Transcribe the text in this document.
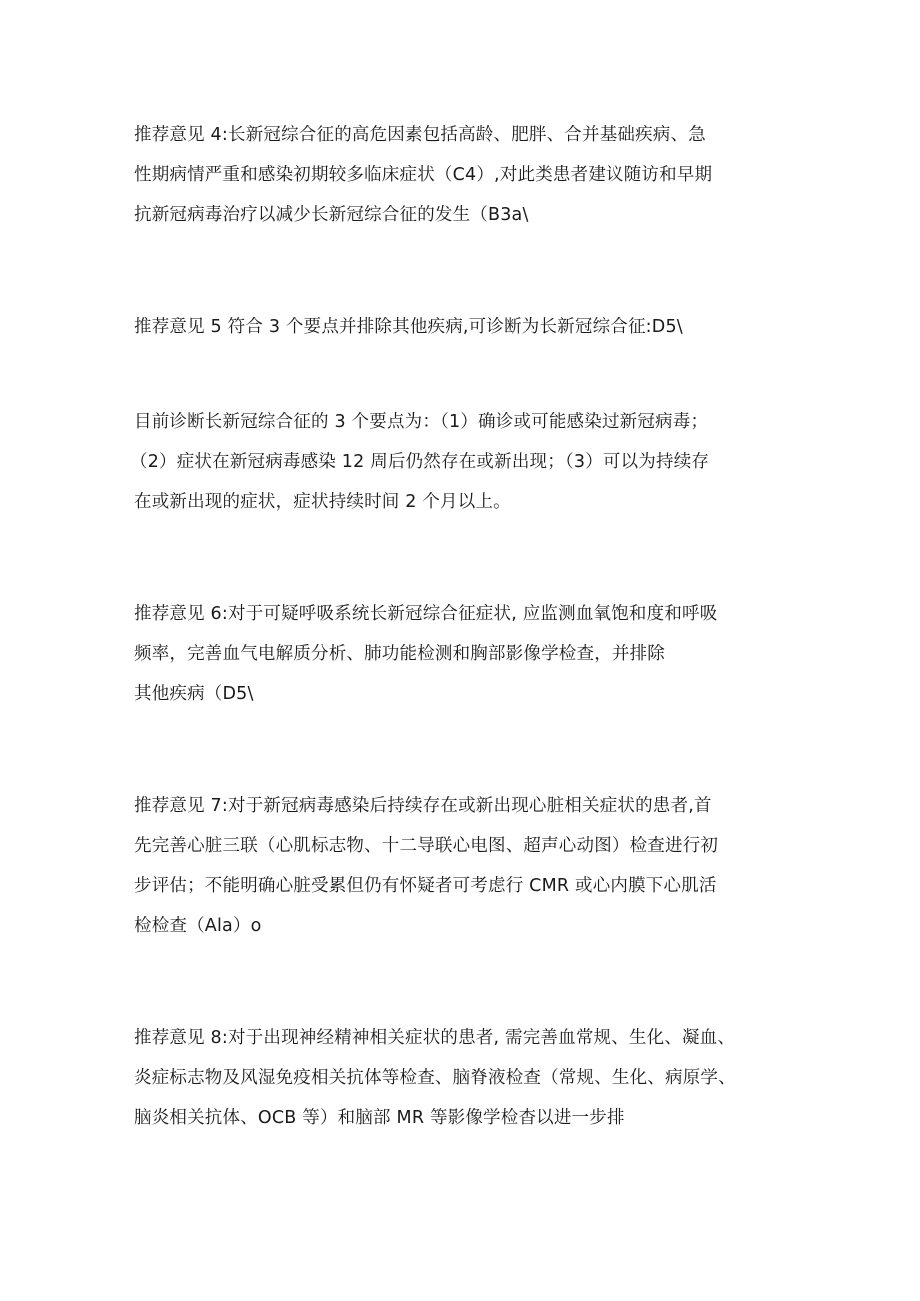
推荐意见 4:长新冠综合征的高危因素包括高龄、肥胖、合并基础疾病、急
性期病情严重和感染初期较多临床症状（C4）,对此类患者建议随访和早期
抗新冠病毒治疗以减少长新冠综合征的发生（B3a\

推荐意见 5 符合 3 个要点并排除其他疾病,可诊断为长新冠综合征:D5\

目前诊断长新冠综合征的 3 个要点为：（1）确诊或可能感染过新冠病毒；
（2）症状在新冠病毒感染 12 周后仍然存在或新出现；（3）可以为持续存
在或新出现的症状，症状持续时间 2 个月以上。

推荐意见 6:对于可疑呼吸系统长新冠综合征症状, 应监测血氧饱和度和呼吸
频率，完善血气电解质分析、肺功能检测和胸部影像学检查，并排除
其他疾病（D5\

推荐意见 7:对于新冠病毒感染后持续存在或新出现心脏相关症状的患者,首
先完善心脏三联（心肌标志物、十二导联心电图、超声心动图）检查进行初
步评估；不能明确心脏受累但仍有怀疑者可考虑行 CMR 或心内膜下心肌活
检检查（Ala）o

推荐意见 8:对于出现神经精神相关症状的患者, 需完善血常规、生化、凝血、
炎症标志物及风湿免疫相关抗体等检查、脑脊液检查（常规、生化、病原学、
脑炎相关抗体、OCB 等）和脑部 MR 等影像学检杳以进一步排
